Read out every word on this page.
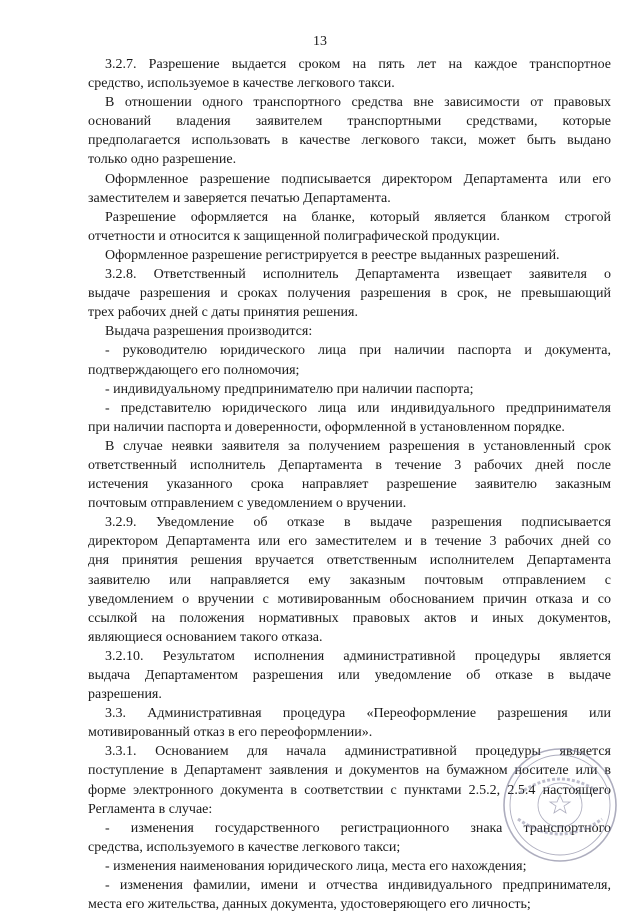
13
3.2.7. Разрешение выдается сроком на пять лет на каждое транспортное
средство, используемое в качестве легкового такси.
В отношении одного транспортного средства вне зависимости от правовых
оснований владения заявителем транспортными средствами, которые
предполагается использовать в качестве легкового такси, может быть выдано
только одно разрешение.
Оформленное разрешение подписывается директором Департамента или его
заместителем и заверяется печатью Департамента.
Разрешение оформляется на бланке, который является бланком строгой
отчетности и относится к защищенной полиграфической продукции.
Оформленное разрешение регистрируется в реестре выданных разрешений.
3.2.8. Ответственный исполнитель Департамента извещает заявителя о
выдаче разрешения и сроках получения разрешения в срок, не превышающий
трех рабочих дней с даты принятия решения.
Выдача разрешения производится:
- руководителю юридического лица при наличии паспорта и документа,
подтверждающего его полномочия;
- индивидуальному предпринимателю при наличии паспорта;
- представителю юридического лица или индивидуального предпринимателя
при наличии паспорта и доверенности, оформленной в установленном порядке.
В случае неявки заявителя за получением разрешения в установленный срок
ответственный исполнитель Департамента в течение 3 рабочих дней после
истечения указанного срока направляет разрешение заявителю заказным
почтовым отправлением с уведомлением о вручении.
3.2.9. Уведомление об отказе в выдаче разрешения подписывается
директором Департамента или его заместителем и в течение 3 рабочих дней со
дня принятия решения вручается ответственным исполнителем Департамента
заявителю или направляется ему заказным почтовым отправлением с
уведомлением о вручении с мотивированным обоснованием причин отказа и со
ссылкой на положения нормативных правовых актов и иных документов,
являющиеся основанием такого отказа.
3.2.10. Результатом исполнения административной процедуры является
выдача Департаментом разрешения или уведомление об отказе в выдаче
разрешения.
3.3. Административная процедура «Переоформление разрешения или
мотивированный отказ в его переоформлении».
3.3.1. Основанием для начала административной процедуры является
поступление в Департамент заявления и документов на бумажном носителе или в
форме электронного документа в соответствии с пунктами 2.5.2, 2.5.4 настоящего
Регламента в случае:
- изменения государственного регистрационного знака транспортного
средства, используемого в качестве легкового такси;
- изменения наименования юридического лица, места его нахождения;
- изменения фамилии, имени и отчества индивидуального предпринимателя,
места его жительства, данных документа, удостоверяющего его личность;
